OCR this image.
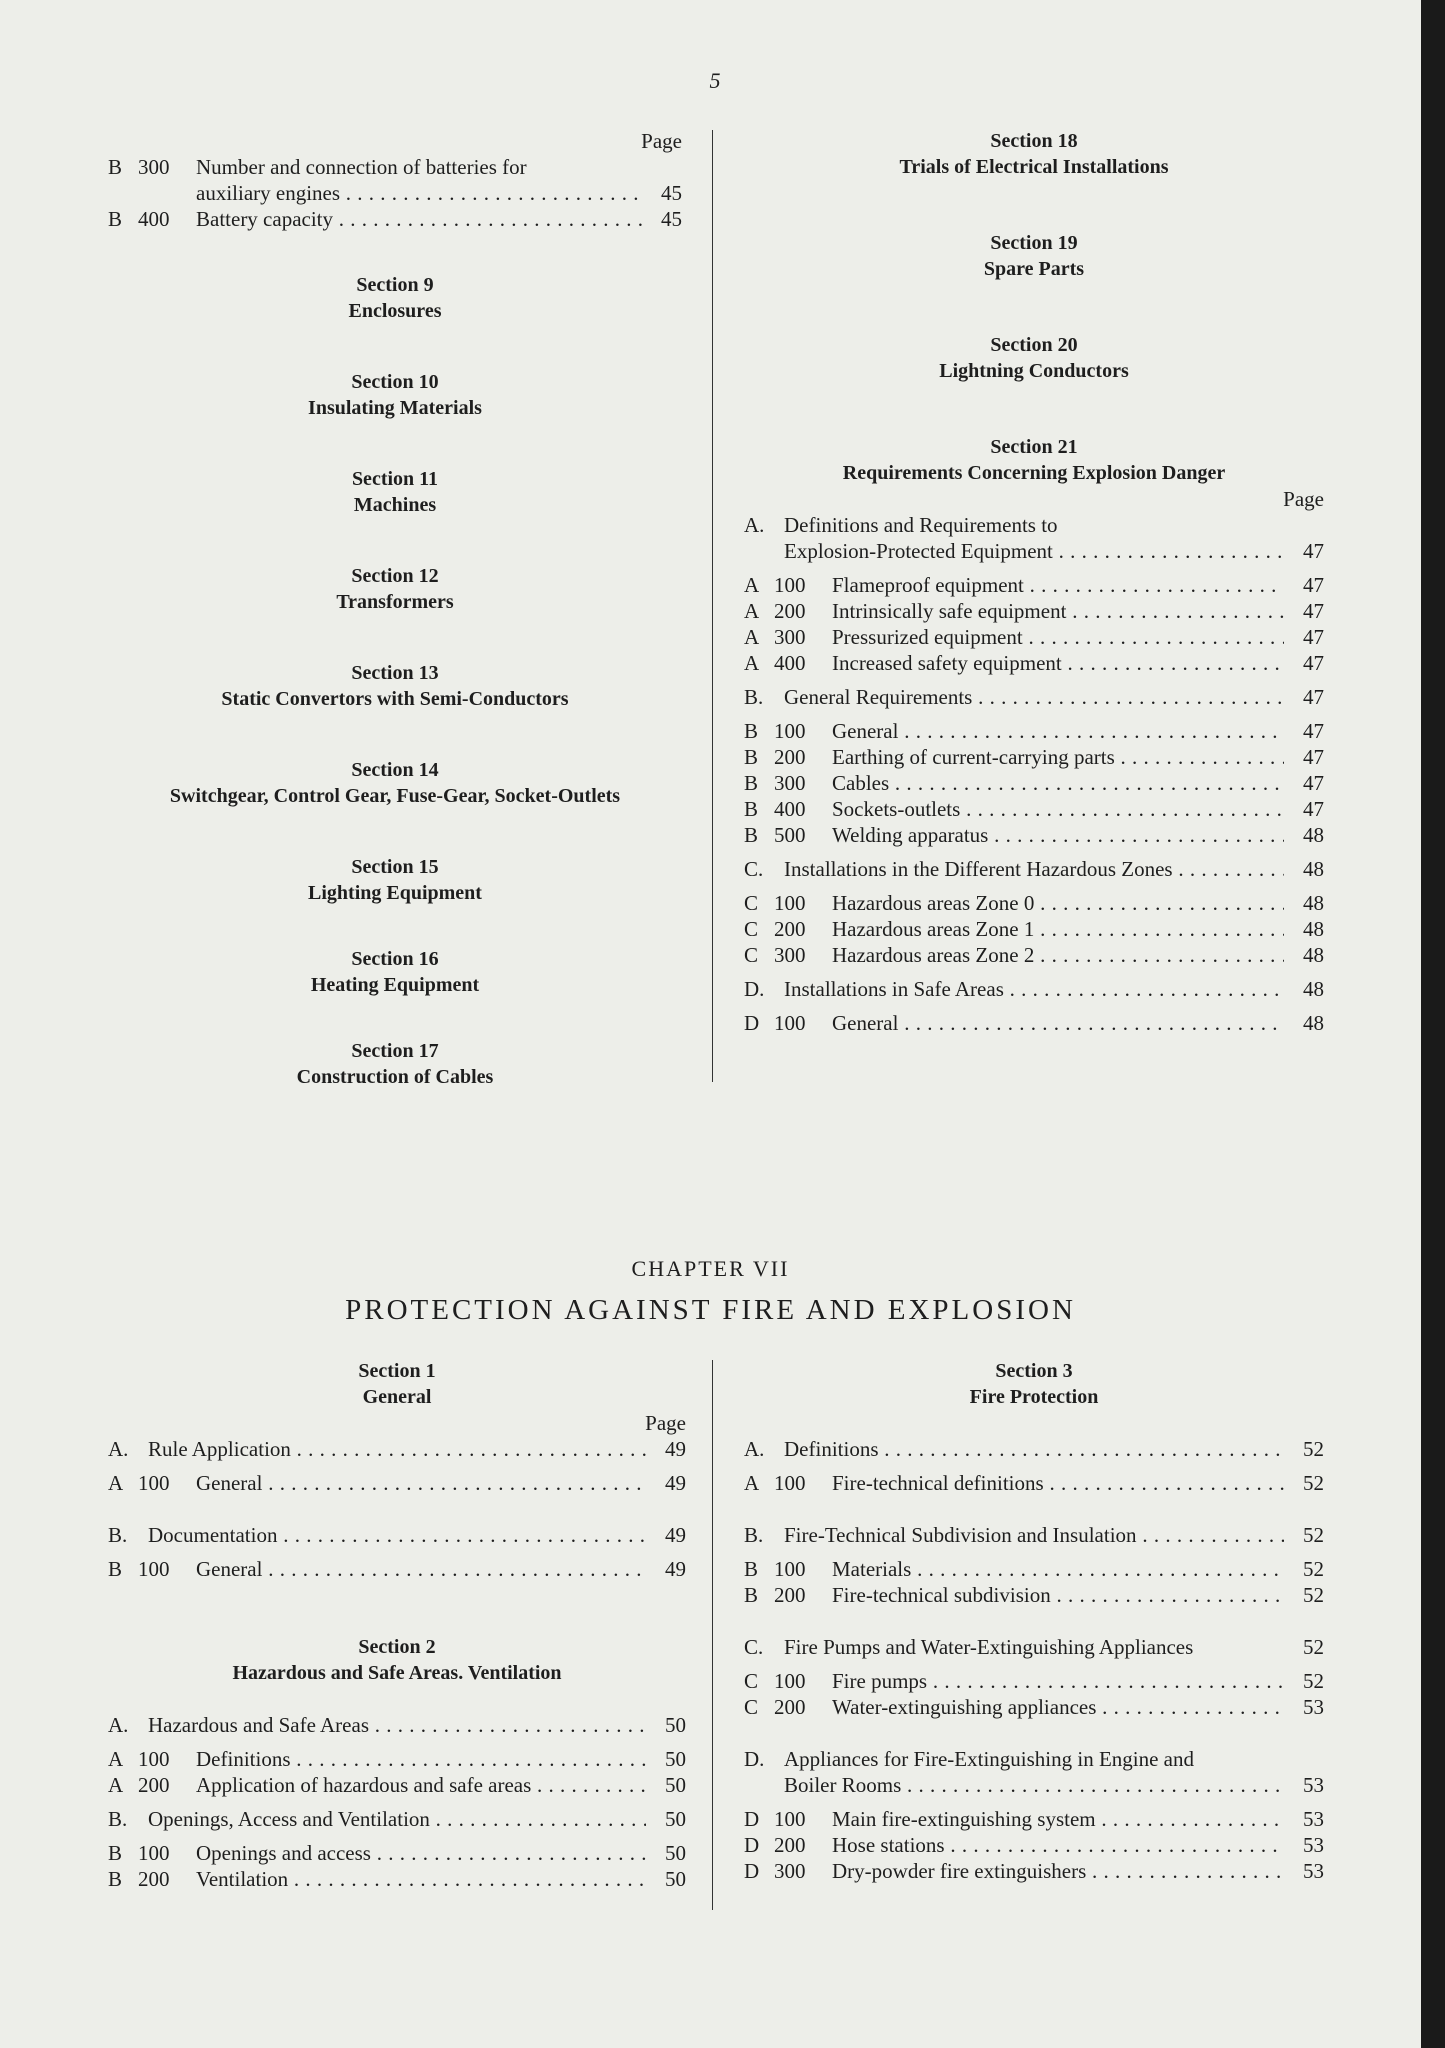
5
Page
B 300	Number and connection of batteries for
auxiliary engines . . .	45
B 400	Battery capacity . . .	45
Section 9
Enclosures
Section 10
Insulating Materials
Section 11
Machines
Section 12
Transformers
Section 13
Static Convertors with Semi-Conductors
Section 14
Switchgear, Control Gear, Fuse-Gear, Socket-Outlets
Section 15
Lighting Equipment
Section 16
Heating Equipment
Section 17
Construction of Cables
Section 18
Trials of Electrical Installations
Section 19
Spare Parts
Section 20
Lightning Conductors
Section 21
Requirements Concerning Explosion Danger
Page
A. Definitions and Requirements to
Explosion-Protected Equipment . . .	47
A 100	Flameproof equipment . . .	47
A 200	Intrinsically safe equipment . . .	47
A 300	Pressurized equipment . . .	47
A 400	Increased safety equipment . . .	47
B. General Requirements . . .	47
B 100	General . . .	47
B 200	Earthing of current-carrying parts . . .	47
B 300	Cables . . .	47
B 400	Sockets-outlets . . .	47
B 500	Welding apparatus . . .	48
C. Installations in the Different Hazardous Zones . . .	48
C 100	Hazardous areas Zone 0 . . .	48
C 200	Hazardous areas Zone 1 . . .	48
C 300	Hazardous areas Zone 2 . . .	48
D. Installations in Safe Areas . . .	48
D 100	General . . .	48
CHAPTER VII
PROTECTION AGAINST FIRE AND EXPLOSION
Section 1
General
Page
A. Rule Application . . .	49
A 100	General . . .	49
B. Documentation . . .	49
B 100	General . . .	49
Section 2
Hazardous and Safe Areas. Ventilation
A. Hazardous and Safe Areas . . .	50
A 100	Definitions . . .	50
A 200	Application of hazardous and safe areas . . .	50
B. Openings, Access and Ventilation . . .	50
B 100	Openings and access . . .	50
B 200	Ventilation . . .	50
Section 3
Fire Protection
A. Definitions . . .	52
A 100	Fire-technical definitions . . .	52
B. Fire-Technical Subdivision and Insulation . . .	52
B 100	Materials . . .	52
B 200	Fire-technical subdivision . . .	52
C. Fire Pumps and Water-Extinguishing Appliances	52
C 100	Fire pumps . . .	52
C 200	Water-extinguishing appliances . . .	53
D. Appliances for Fire-Extinguishing in Engine and
Boiler Rooms . . .	53
D 100	Main fire-extinguishing system . . .	53
D 200	Hose stations . . .	53
D 300	Dry-powder fire extinguishers . . .	53
